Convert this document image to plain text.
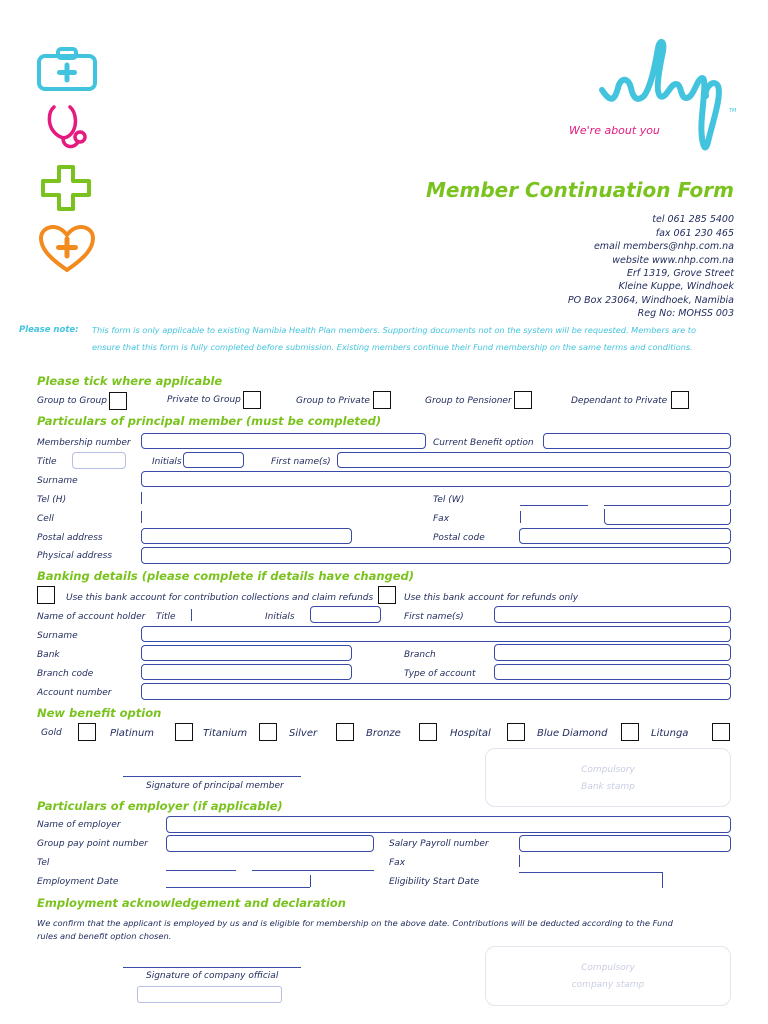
TM
We're about you
Member Continuation Form
tel 061 285 5400
fax 061 230 465
email members@nhp.com.na
website www.nhp.com.na
Erf 1319, Grove Street
Kleine Kuppe, Windhoek
PO Box 23064, Windhoek, Namibia
Reg No: MOHSS 003
Please note: This form is only applicable to existing Namibia Health Plan members. Supporting documents not on the system will be requested. Members are to
ensure that this form is fully completed before submission. Existing members continue their Fund membership on the same terms and conditions.
Please tick where applicable
Group to Group	Private to Group	Group to Private	Group to Pensioner	Dependant to Private
Particulars of principal member (must be completed)
Membership number	Current Benefit option
Title	Initials	First name(s)
Surname
Tel (H)	Tel (W)
Cell	Fax
Postal address	Postal code
Physical address
Banking details (please complete if details have changed)
Use this bank account for contribution collections and claim refunds	Use this bank account for refunds only
Name of account holder Title	Initials	First name(s)
Surname
Bank	Branch
Branch code	Type of account
Account number
New benefit option
Gold	Platinum	Titanium	Silver	Bronze	Hospital	Blue Diamond	Litunga
Signature of principal member
Compulsory
Bank stamp
Particulars of employer (if applicable)
Name of employer
Group pay point number	Salary Payroll number
Tel	Fax
Employment Date	Eligibility Start Date
Employment acknowledgement and declaration
We confirm that the applicant is employed by us and is eligible for membership on the above date. Contributions will be deducted according to the Fund
rules and benefit option chosen.
Signature of company official
Compulsory
company stamp
